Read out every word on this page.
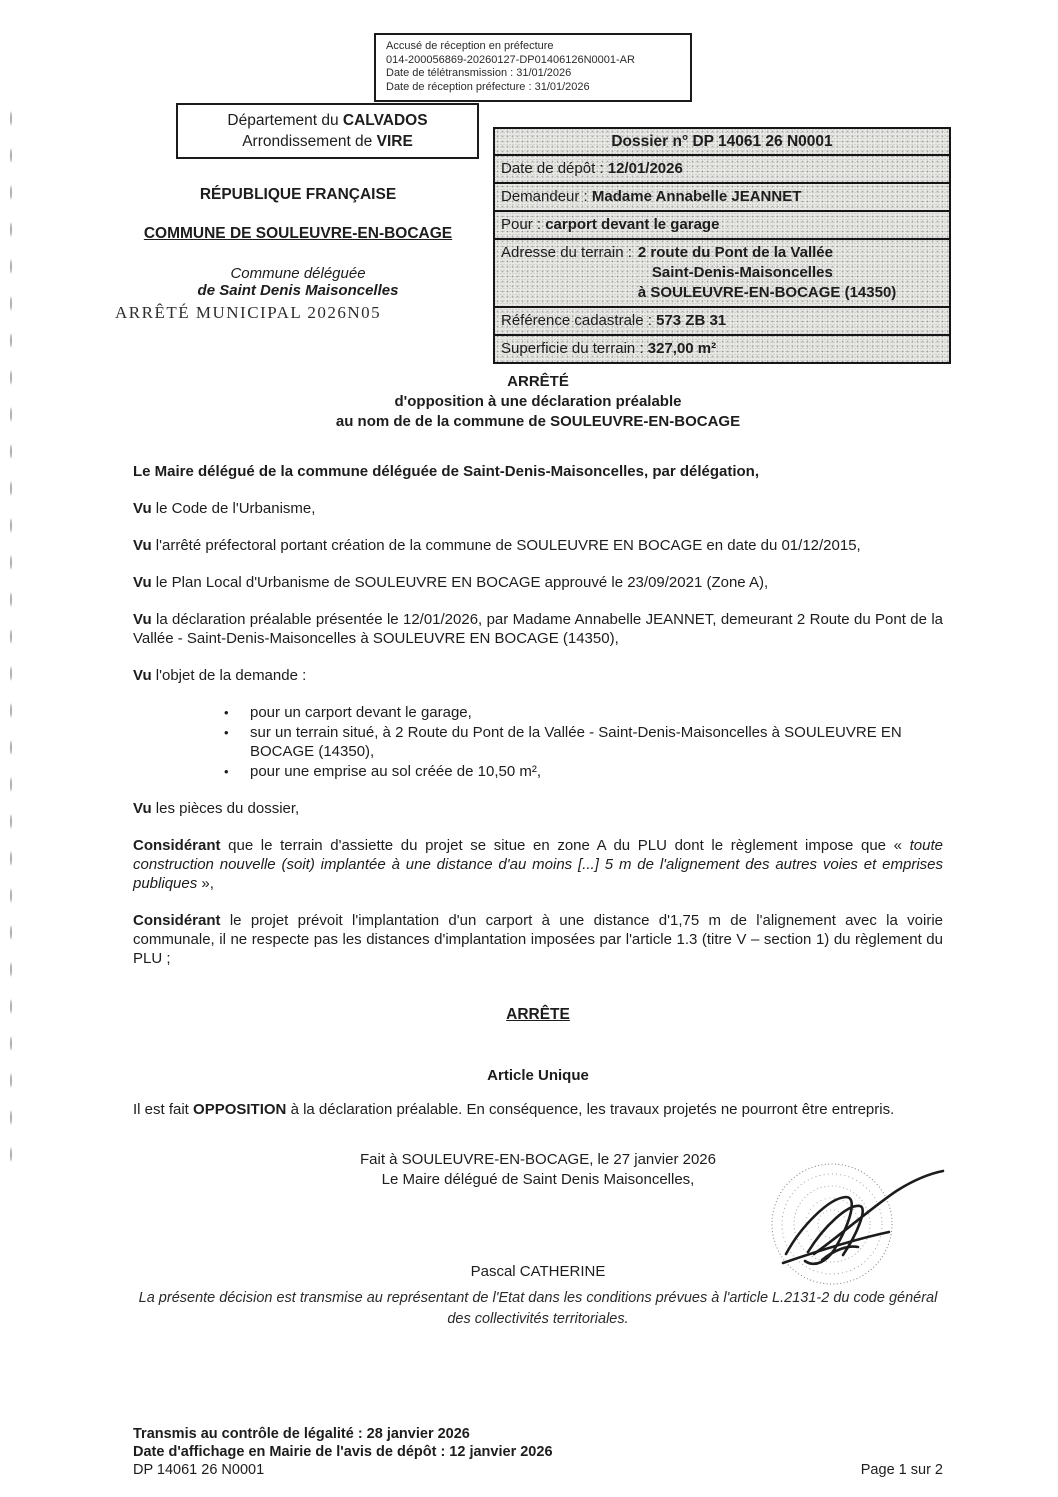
Accusé de réception en préfecture
014-200056869-20260127-DP01406126N0001-AR
Date de télétransmission : 31/01/2026
Date de réception préfecture : 31/01/2026
Département du CALVADOS
Arrondissement de VIRE
RÉPUBLIQUE FRANÇAISE
COMMUNE DE SOULEUVRE-EN-BOCAGE
Commune déléguée
de Saint Denis Maisoncelles
ARRÊTÉ MUNICIPAL 2026N05
Dossier n° DP 14061 26 N0001
Date de dépôt : 12/01/2026
Demandeur : Madame Annabelle JEANNET
Pour : carport devant le garage
Adresse du terrain : 2 route du Pont de la Vallée
Saint-Denis-Maisoncelles
à SOULEUVRE-EN-BOCAGE (14350)
Référence cadastrale : 573 ZB 31
Superficie du terrain : 327,00 m²
ARRÊTÉ
d'opposition à une déclaration préalable
au nom de de la commune de SOULEUVRE-EN-BOCAGE

Le Maire délégué de la commune déléguée de Saint-Denis-Maisoncelles, par délégation,

Vu le Code de l'Urbanisme,

Vu l'arrêté préfectoral portant création de la commune de SOULEUVRE EN BOCAGE en date du 01/12/2015,

Vu le Plan Local d'Urbanisme de SOULEUVRE EN BOCAGE approuvé le 23/09/2021 (Zone A),

Vu la déclaration préalable présentée le 12/01/2026, par Madame Annabelle JEANNET, demeurant 2 Route du Pont de la Vallée - Saint-Denis-Maisoncelles à SOULEUVRE EN BOCAGE (14350),

Vu l'objet de la demande :

• pour un carport devant le garage,
• sur un terrain situé, à 2 Route du Pont de la Vallée - Saint-Denis-Maisoncelles à SOULEUVRE EN BOCAGE (14350),
• pour une emprise au sol créée de 10,50 m²,

Vu les pièces du dossier,

Considérant que le terrain d'assiette du projet se situe en zone A du PLU dont le règlement impose que « toute construction nouvelle (soit) implantée à une distance d'au moins [...] 5 m de l'alignement des autres voies et emprises publiques »,

Considérant le projet prévoit l'implantation d'un carport à une distance d'1,75 m de l'alignement avec la voirie communale, il ne respecte pas les distances d'implantation imposées par l'article 1.3 (titre V – section 1) du règlement du PLU ;

ARRÊTE

Article Unique

Il est fait OPPOSITION à la déclaration préalable. En conséquence, les travaux projetés ne pourront être entrepris.

Fait à SOULEUVRE-EN-BOCAGE, le 27 janvier 2026
Le Maire délégué de Saint Denis Maisoncelles,
Pascal CATHERINE
La présente décision est transmise au représentant de l'Etat dans les conditions prévues à l'article L.2131-2 du code général des collectivités territoriales.
Transmis au contrôle de légalité : 28 janvier 2026
Date d'affichage en Mairie de l'avis de dépôt : 12 janvier 2026
DP 14061 26 N0001	Page 1 sur 2
